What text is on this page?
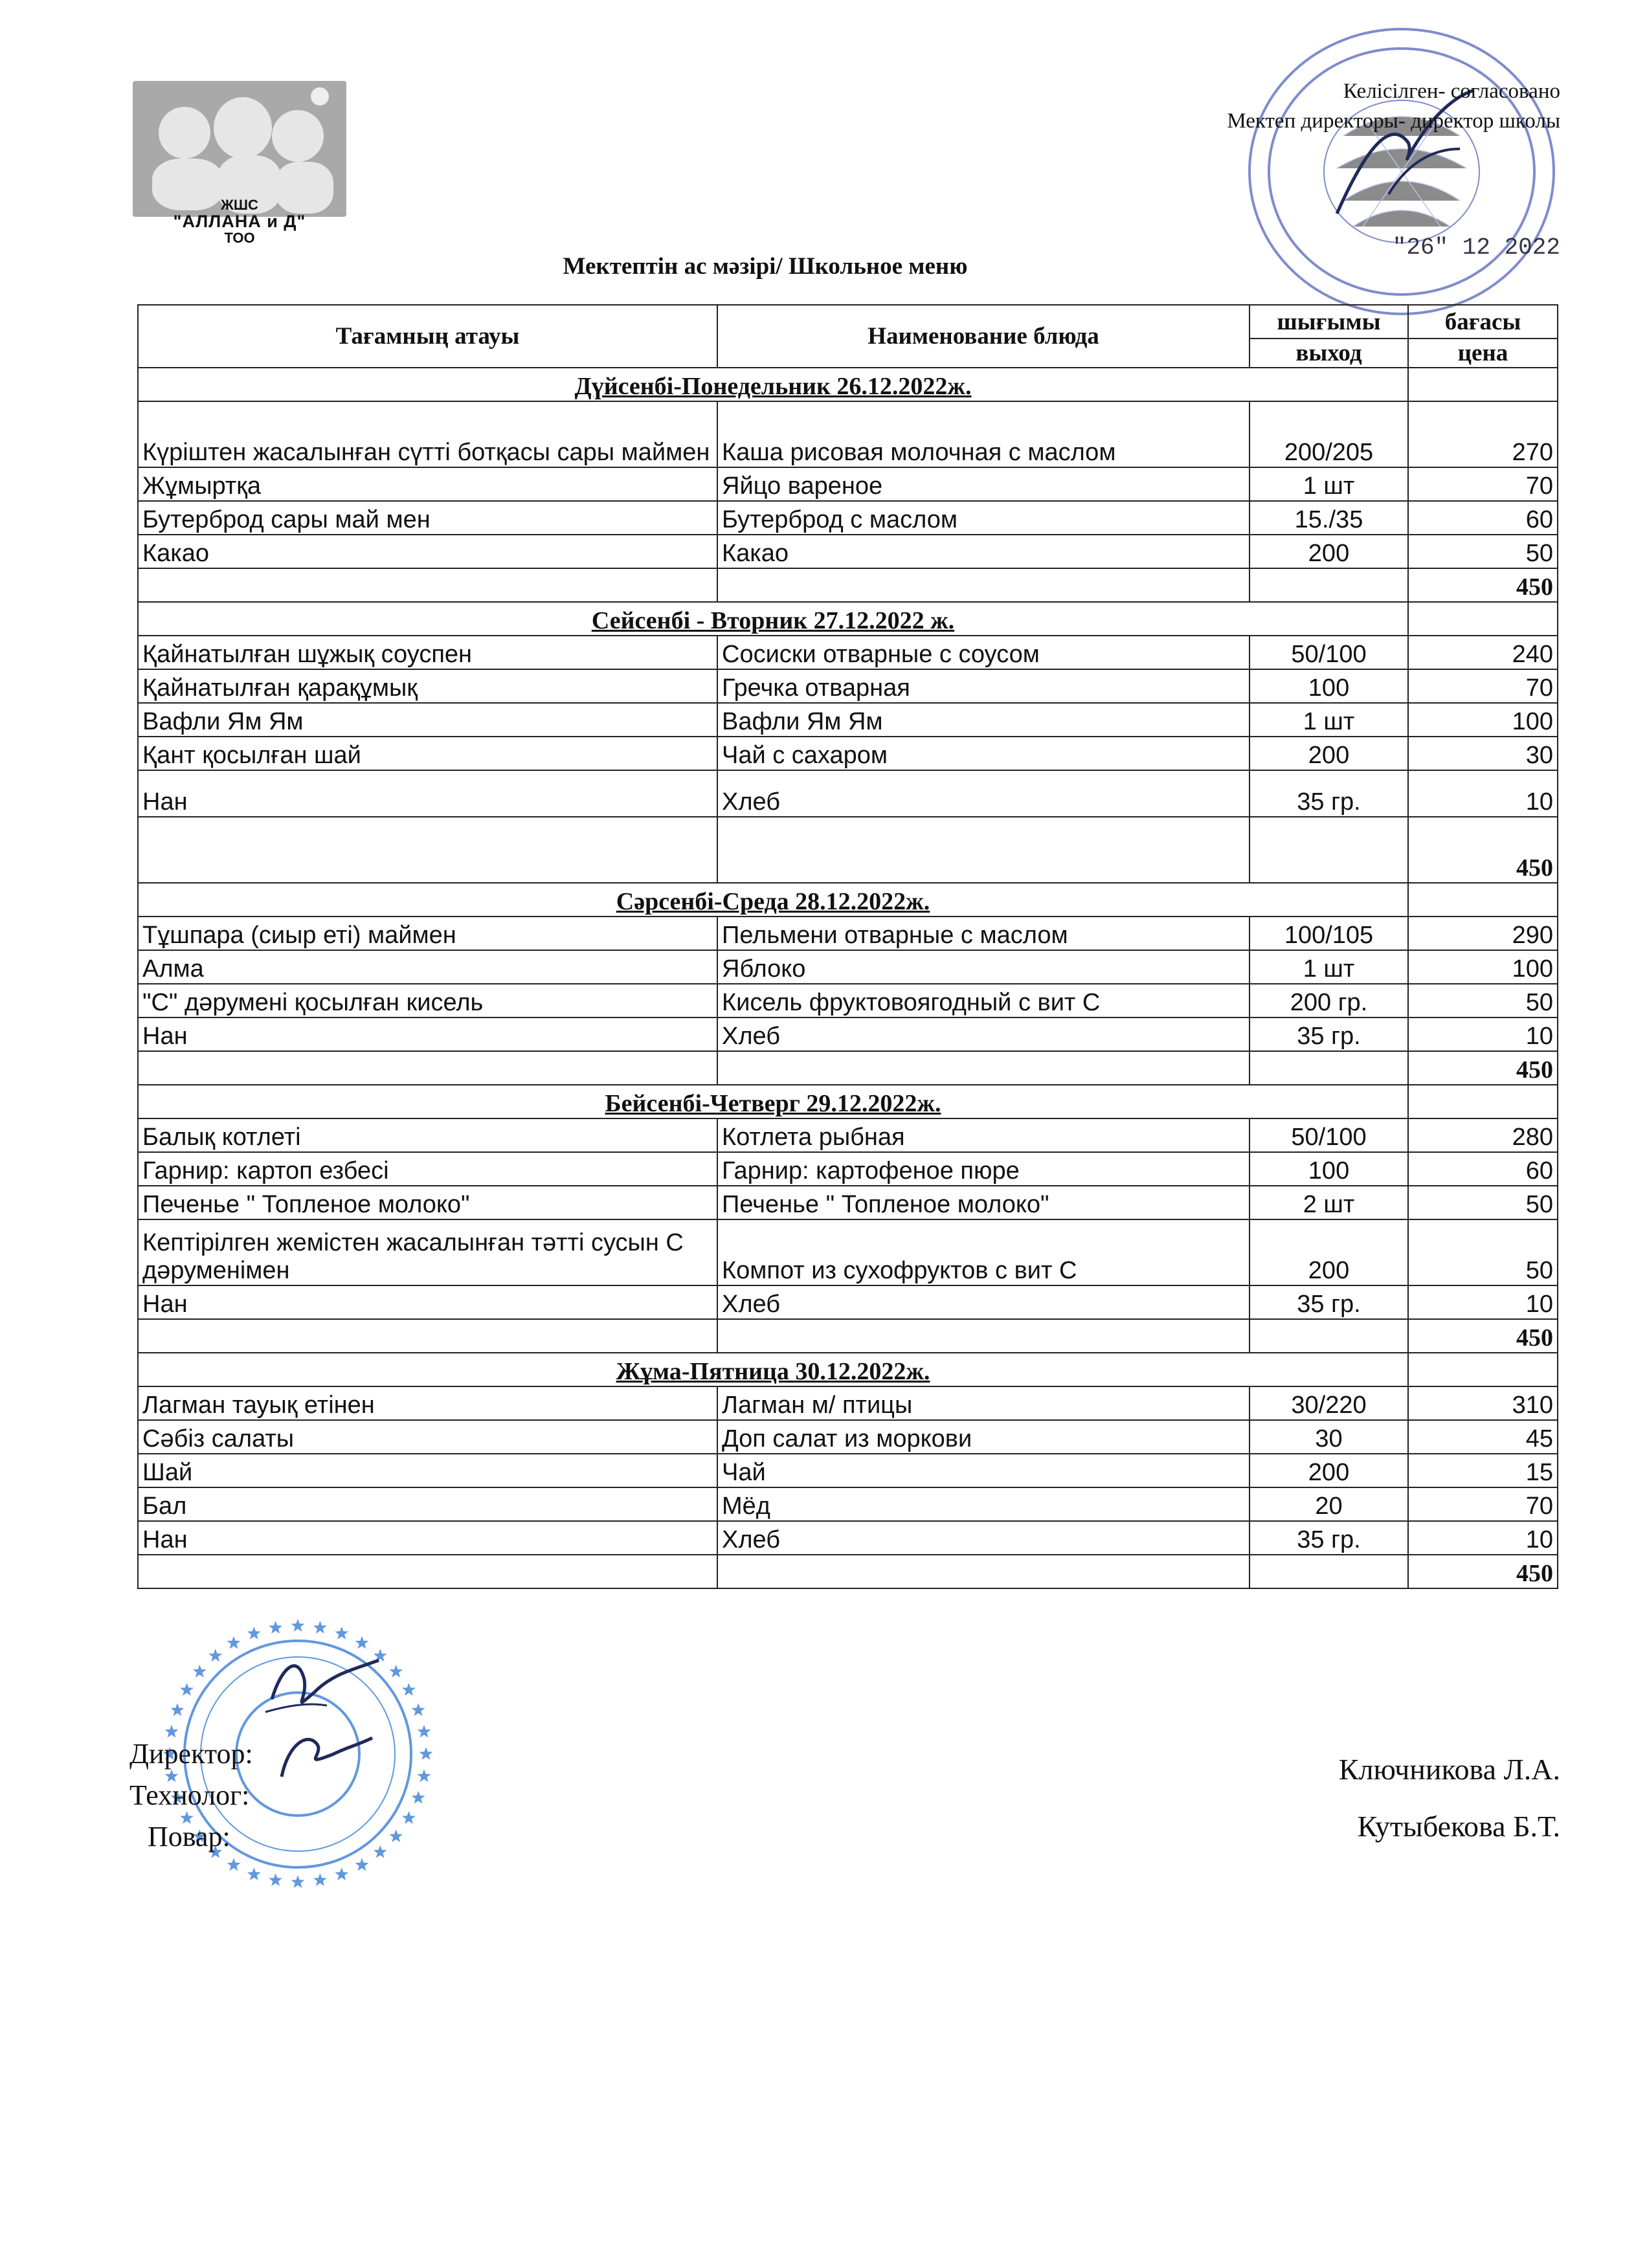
ЖШС
"АЛЛАНА и Д"
ТОО
Келісілген- согласовано
Мектеп директоры- директор школы
"26" 12 2022
Мектептін ас мәзірі/ Школьное меню
Тағамның атауы	Наименование блюда	шығымы	бағасы
		выход	цена
Дүйсенбі-Понедельник 26.12.2022ж.			
Күріштен жасалынған сүтті ботқасы сары маймен	Каша рисовая молочная с маслом	200/205	270
Жұмыртқа	Яйцо вареное	1 шт	70
Бутерброд сары май мен	Бутерброд с маслом	15./35	60
Какао	Какао	200	50
			450
Сейсенбі - Вторник 27.12.2022 ж.			
Қайнатылған шұжық соуспен	Сосиски отварные с соусом	50/100	240
Қайнатылған қарақұмық	Гречка отварная	100	70
Вафли Ям Ям	Вафли Ям Ям	1 шт	100
Қант қосылған шай	Чай с сахаром	200	30
Нан	Хлеб	35 гр.	10
			450
Сәрсенбі-Среда 28.12.2022ж.			
Тұшпара (сиыр еті) маймен	Пельмени отварные с маслом	100/105	290
Алма	Яблоко	1 шт	100
"С" дәрумені қосылған кисель	Кисель фруктовоягодный с вит С	200 гр.	50
Нан	Хлеб	35 гр.	10
			450
Бейсенбі-Четверг 29.12.2022ж.			
Балық котлеті	Котлета рыбная	50/100	280
Гарнир: картоп езбесі	Гарнир: картофеное пюре	100	60
Печенье " Топленое молоко"	Печенье " Топленое молоко"	2 шт	50
Кептірілген жемістен жасалынған тәтті сусын С дәруменімен	Компот из сухофруктов с вит С	200	50
Нан	Хлеб	35 гр.	10
			450
Жұма-Пятница 30.12.2022ж.			
Лагман тауық етінен	Лагман м/ птицы	30/220	310
Сәбіз салаты	Доп салат из моркови	30	45
Шай	Чай	200	15
Бал	Мёд	20	70
Нан	Хлеб	35 гр.	10
			450
Директор:
Технолог:
Повар:
Ключникова Л.А.
Кутыбекова Б.Т.
